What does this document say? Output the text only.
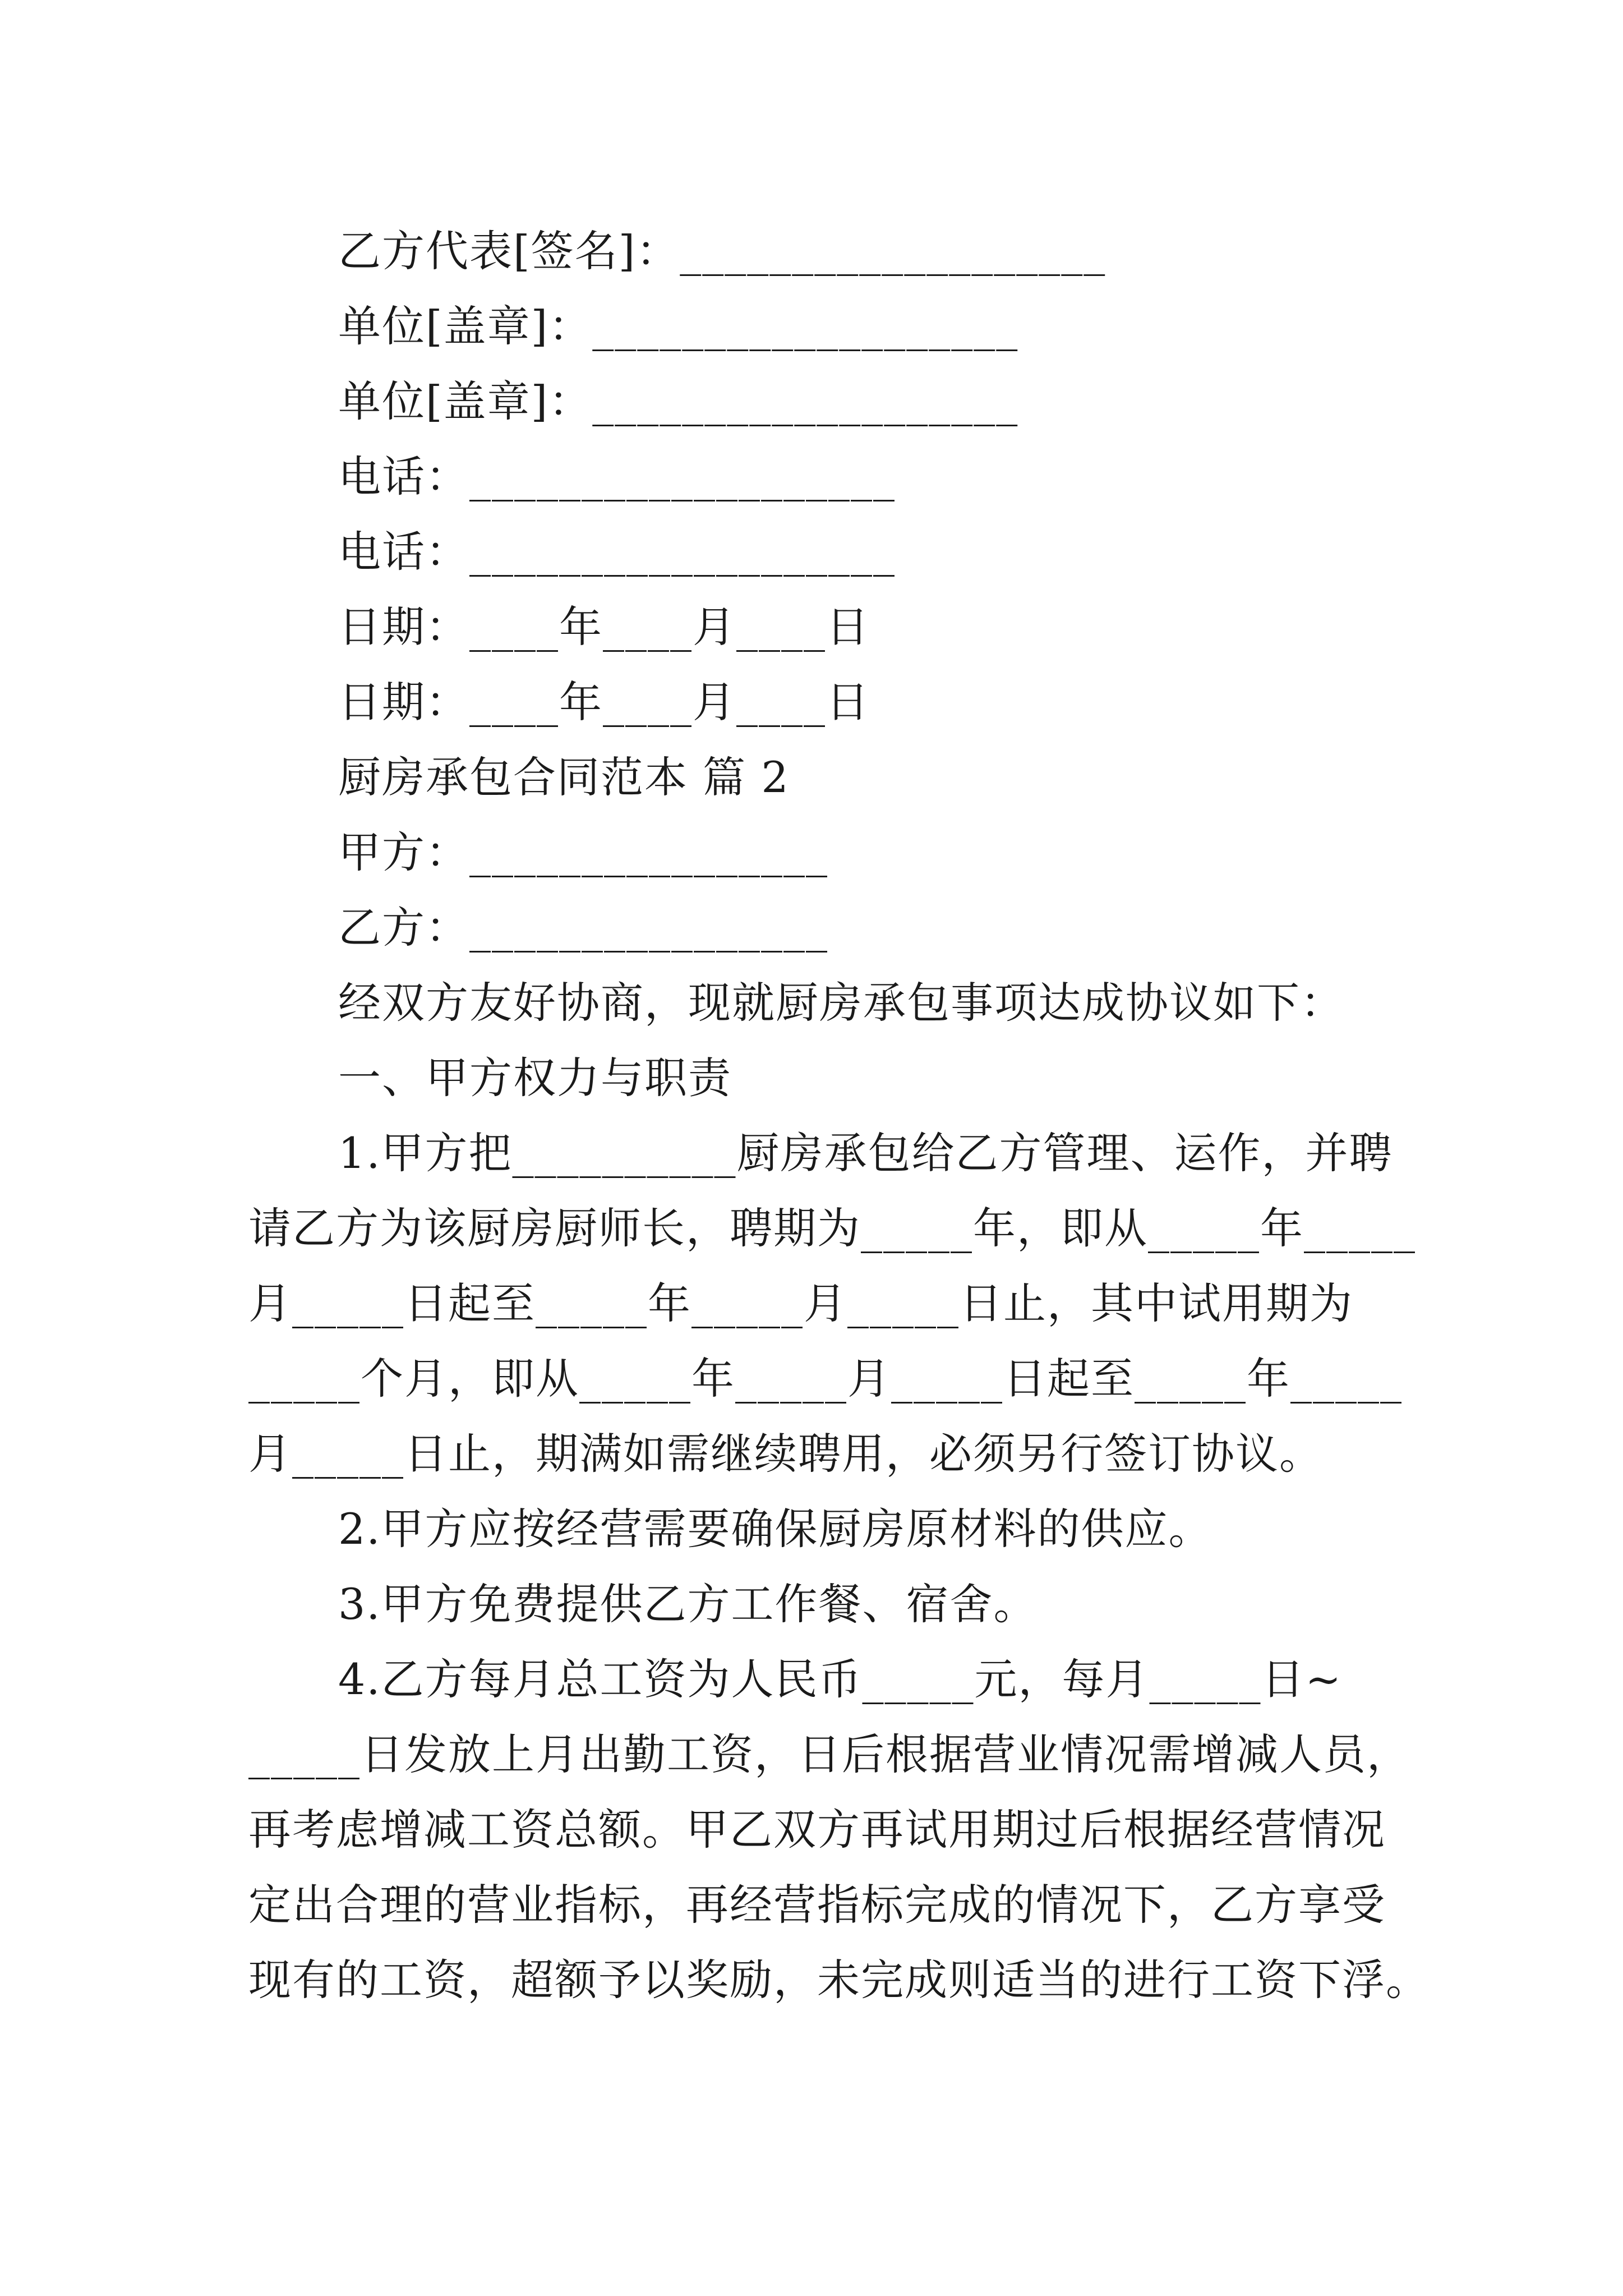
乙方代表[签名]：___________________
单位[盖章]：___________________
单位[盖章]：___________________
电话：___________________
电话：___________________
日期：____年____月____日
日期：____年____月____日
厨房承包合同范本 篇 2
甲方：________________
乙方：________________
经双方友好协商，现就厨房承包事项达成协议如下：
一、甲方权力与职责
1.甲方把__________厨房承包给乙方管理、运作，并聘
请乙方为该厨房厨师长，聘期为_____年，即从_____年_____
月_____日起至_____年_____月_____日止，其中试用期为
_____个月，即从_____年_____月_____日起至_____年_____
月_____日止，期满如需继续聘用，必须另行签订协议。
2.甲方应按经营需要确保厨房原材料的供应。
3.甲方免费提供乙方工作餐、宿舍。
4.乙方每月总工资为人民币_____元，每月_____日~
_____日发放上月出勤工资，日后根据营业情况需增减人员，
再考虑增减工资总额。甲乙双方再试用期过后根据经营情况
定出合理的营业指标，再经营指标完成的情况下，乙方享受
现有的工资，超额予以奖励，未完成则适当的进行工资下浮。
